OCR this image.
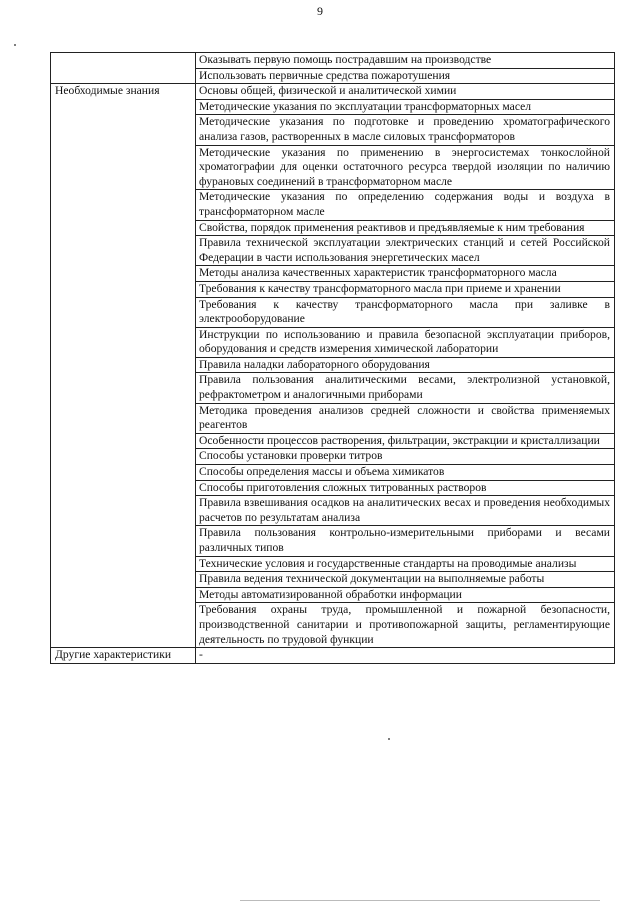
9
	Оказывать первую помощь пострадавшим на производстве
	Использовать первичные средства пожаротушения
Необходимые знания	Основы общей, физической и аналитической химии
	Методические указания по эксплуатации трансформаторных масел
	Методические указания по подготовке и проведению хроматографического анализа газов, растворенных в масле силовых трансформаторов
	Методические указания по применению в энергосистемах тонкослойной хроматографии для оценки остаточного ресурса твердой изоляции по наличию фурановых соединений в трансформаторном масле
	Методические указания по определению содержания воды и воздуха в трансформаторном масле
	Свойства, порядок применения реактивов и предъявляемые к ним требования
	Правила технической эксплуатации электрических станций и сетей Российской Федерации в части использования энергетических масел
	Методы анализа качественных характеристик трансформаторного масла
	Требования к качеству трансформаторного масла при приеме и хранении
	Требования к качеству трансформаторного масла при заливке в электрооборудование
	Инструкции по использованию и правила безопасной эксплуатации приборов, оборудования и средств измерения химической лаборатории
	Правила наладки лабораторного оборудования
	Правила пользования аналитическими весами, электролизной установкой, рефрактометром и аналогичными приборами
	Методика проведения анализов средней сложности и свойства применяемых реагентов
	Особенности процессов растворения, фильтрации, экстракции и кристаллизации
	Способы установки проверки титров
	Способы определения массы и объема химикатов
	Способы приготовления сложных титрованных растворов
	Правила взвешивания осадков на аналитических весах и проведения необходимых расчетов по результатам анализа
	Правила пользования контрольно-измерительными приборами и весами различных типов
	Технические условия и государственные стандарты на проводимые анализы
	Правила ведения технической документации на выполняемые работы
	Методы автоматизированной обработки информации
	Требования охраны труда, промышленной и пожарной безопасности, производственной санитарии и противопожарной защиты, регламентирующие деятельность по трудовой функции
Другие характеристики	-
